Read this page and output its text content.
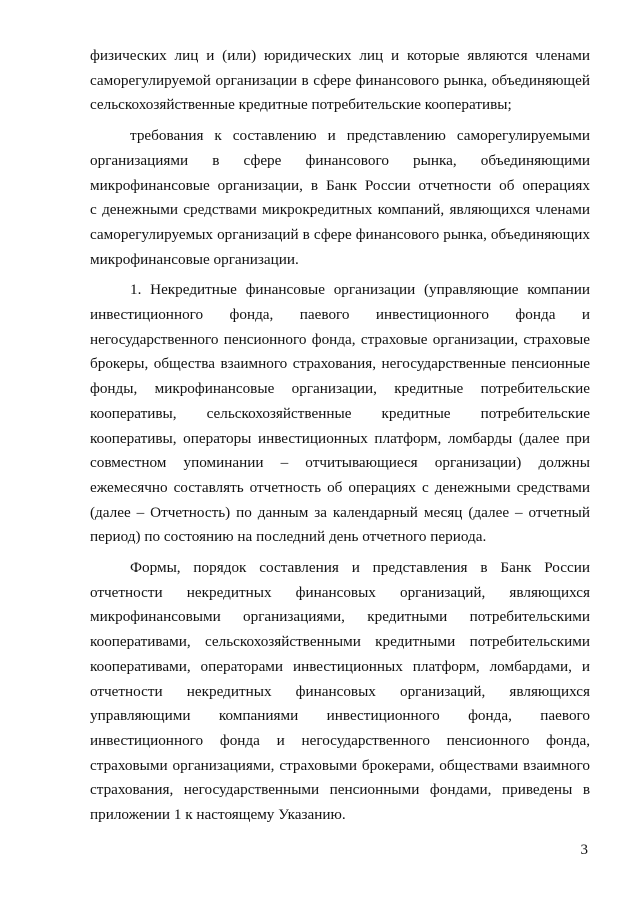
физических лиц и (или) юридических лиц и которые являются членами
саморегулируемой организации в сфере финансового рынка, объединяющей
сельскохозяйственные кредитные потребительские кооперативы;

требования к составлению и представлению саморегулируемыми
организациями в сфере финансового рынка, объединяющими
микрофинансовые организации, в Банк России отчетности об операциях
с денежными средствами микрокредитных компаний, являющихся членами
саморегулируемых организаций в сфере финансового рынка, объединяющих
микрофинансовые организации.

1. Некредитные финансовые организации (управляющие компании
инвестиционного фонда, паевого инвестиционного фонда и
негосударственного пенсионного фонда, страховые организации, страховые
брокеры, общества взаимного страхования, негосударственные пенсионные
фонды, микрофинансовые организации, кредитные потребительские
кооперативы, сельскохозяйственные кредитные потребительские
кооперативы, операторы инвестиционных платформ, ломбарды (далее при
совместном упоминании – отчитывающиеся организации) должны
ежемесячно составлять отчетность об операциях с денежными средствами
(далее – Отчетность) по данным за календарный месяц (далее – отчетный
период) по состоянию на последний день отчетного периода.

Формы, порядок составления и представления в Банк России
отчетности некредитных финансовых организаций, являющихся
микрофинансовыми организациями, кредитными потребительскими
кооперативами, сельскохозяйственными кредитными потребительскими
кооперативами, операторами инвестиционных платформ, ломбардами, и
отчетности некредитных финансовых организаций, являющихся
управляющими компаниями инвестиционного фонда, паевого
инвестиционного фонда и негосударственного пенсионного фонда,
страховыми организациями, страховыми брокерами, обществами взаимного
страхования, негосударственными пенсионными фондами, приведены в
приложении 1 к настоящему Указанию.

3
